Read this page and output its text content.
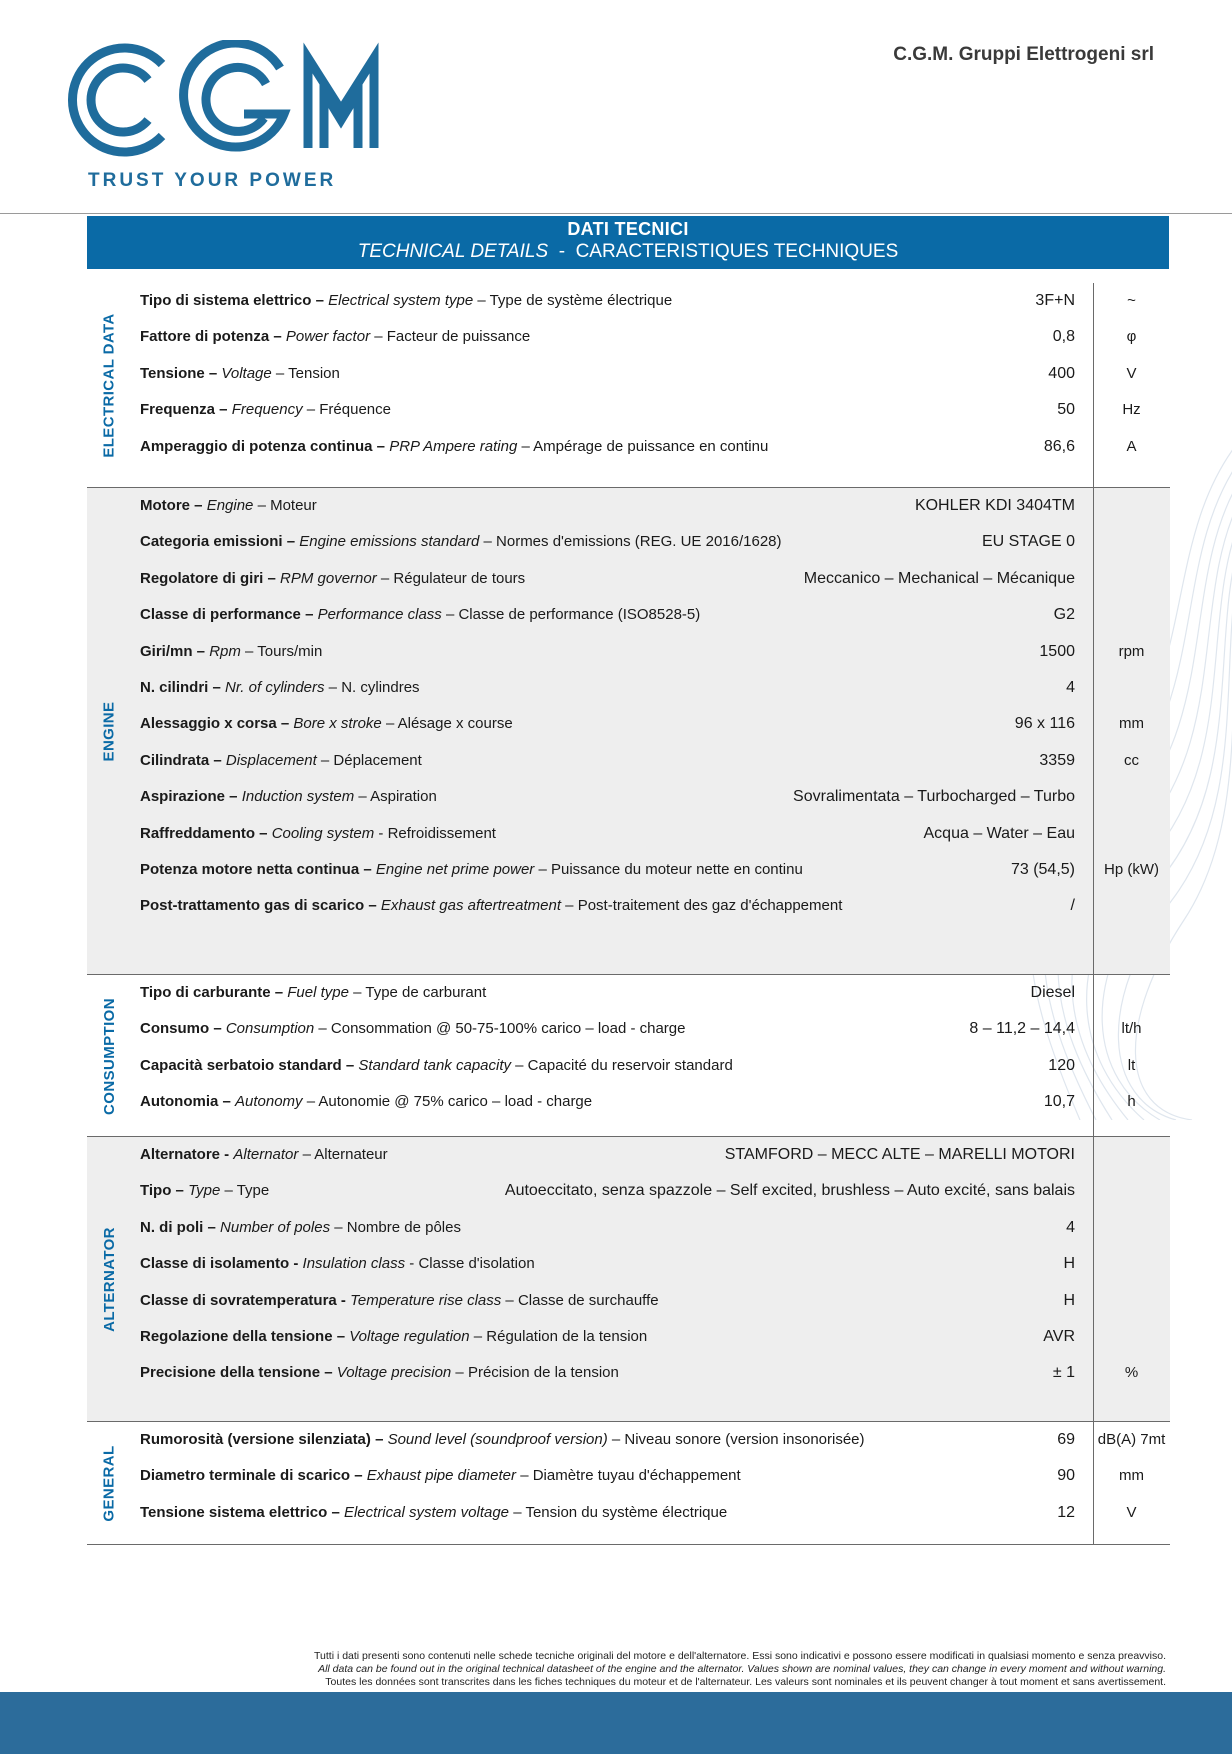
TRUST YOUR POWER
C.G.M. Gruppi Elettrogeni srl
DATI TECNICI
TECHNICAL DETAILS - CARACTERISTIQUES TECHNIQUES
ELECTRICAL DATA
Tipo di sistema elettrico – Electrical system type – Type de système électrique	3F+N	~
Fattore di potenza – Power factor – Facteur de puissance	0,8	φ
Tensione – Voltage – Tension	400	V
Frequenza – Frequency – Fréquence	50	Hz
Amperaggio di potenza continua – PRP Ampere rating – Ampérage de puissance en continu	86,6	A
ENGINE
Motore – Engine – Moteur	KOHLER KDI 3404TM
Categoria emissioni – Engine emissions standard – Normes d'emissions (REG. UE 2016/1628)	EU STAGE 0
Regolatore di giri – RPM governor – Régulateur de tours	Meccanico – Mechanical – Mécanique
Classe di performance – Performance class – Classe de performance (ISO8528-5)	G2
Giri/mn – Rpm – Tours/min	1500	rpm
N. cilindri – Nr. of cylinders – N. cylindres	4
Alessaggio x corsa – Bore x stroke – Alésage x course	96 x 116	mm
Cilindrata – Displacement – Déplacement	3359	cc
Aspirazione – Induction system – Aspiration	Sovralimentata – Turbocharged – Turbo
Raffreddamento – Cooling system - Refroidissement	Acqua – Water – Eau
Potenza motore netta continua – Engine net prime power – Puissance du moteur nette en continu	73 (54,5)	Hp (kW)
Post-trattamento gas di scarico – Exhaust gas aftertreatment – Post-traitement des gaz d'échappement	/
CONSUMPTION
Tipo di carburante – Fuel type – Type de carburant	Diesel
Consumo – Consumption – Consommation @ 50-75-100% carico – load - charge	8 – 11,2 – 14,4	lt/h
Capacità serbatoio standard – Standard tank capacity – Capacité du reservoir standard	120	lt
Autonomia – Autonomy – Autonomie @ 75% carico – load - charge	10,7	h
ALTERNATOR
Alternatore - Alternator – Alternateur	STAMFORD – MECC ALTE – MARELLI MOTORI
Tipo – Type – Type	Autoeccitato, senza spazzole – Self excited, brushless – Auto excité, sans balais
N. di poli – Number of poles – Nombre de pôles	4
Classe di isolamento - Insulation class - Classe d'isolation	H
Classe di sovratemperatura - Temperature rise class – Classe de surchauffe	H
Regolazione della tensione – Voltage regulation – Régulation de la tension	AVR
Precisione della tensione – Voltage precision – Précision de la tension	± 1	%
GENERAL
Rumorosità (versione silenziata) – Sound level (soundproof version) – Niveau sonore (version insonorisée)	69	dB(A) 7mt
Diametro terminale di scarico – Exhaust pipe diameter – Diamètre tuyau d'échappement	90	mm
Tensione sistema elettrico – Electrical system voltage – Tension du système électrique	12	V
Tutti i dati presenti sono contenuti nelle schede tecniche originali del motore e dell'alternatore. Essi sono indicativi e possono essere modificati in qualsiasi momento e senza preavviso.
All data can be found out in the original technical datasheet of the engine and the alternator. Values shown are nominal values, they can change in every moment and without warning.
Toutes les données sont transcrites dans les fiches techniques du moteur et de l'alternateur. Les valeurs sont nominales et ils peuvent changer à tout moment et sans avertissement.
